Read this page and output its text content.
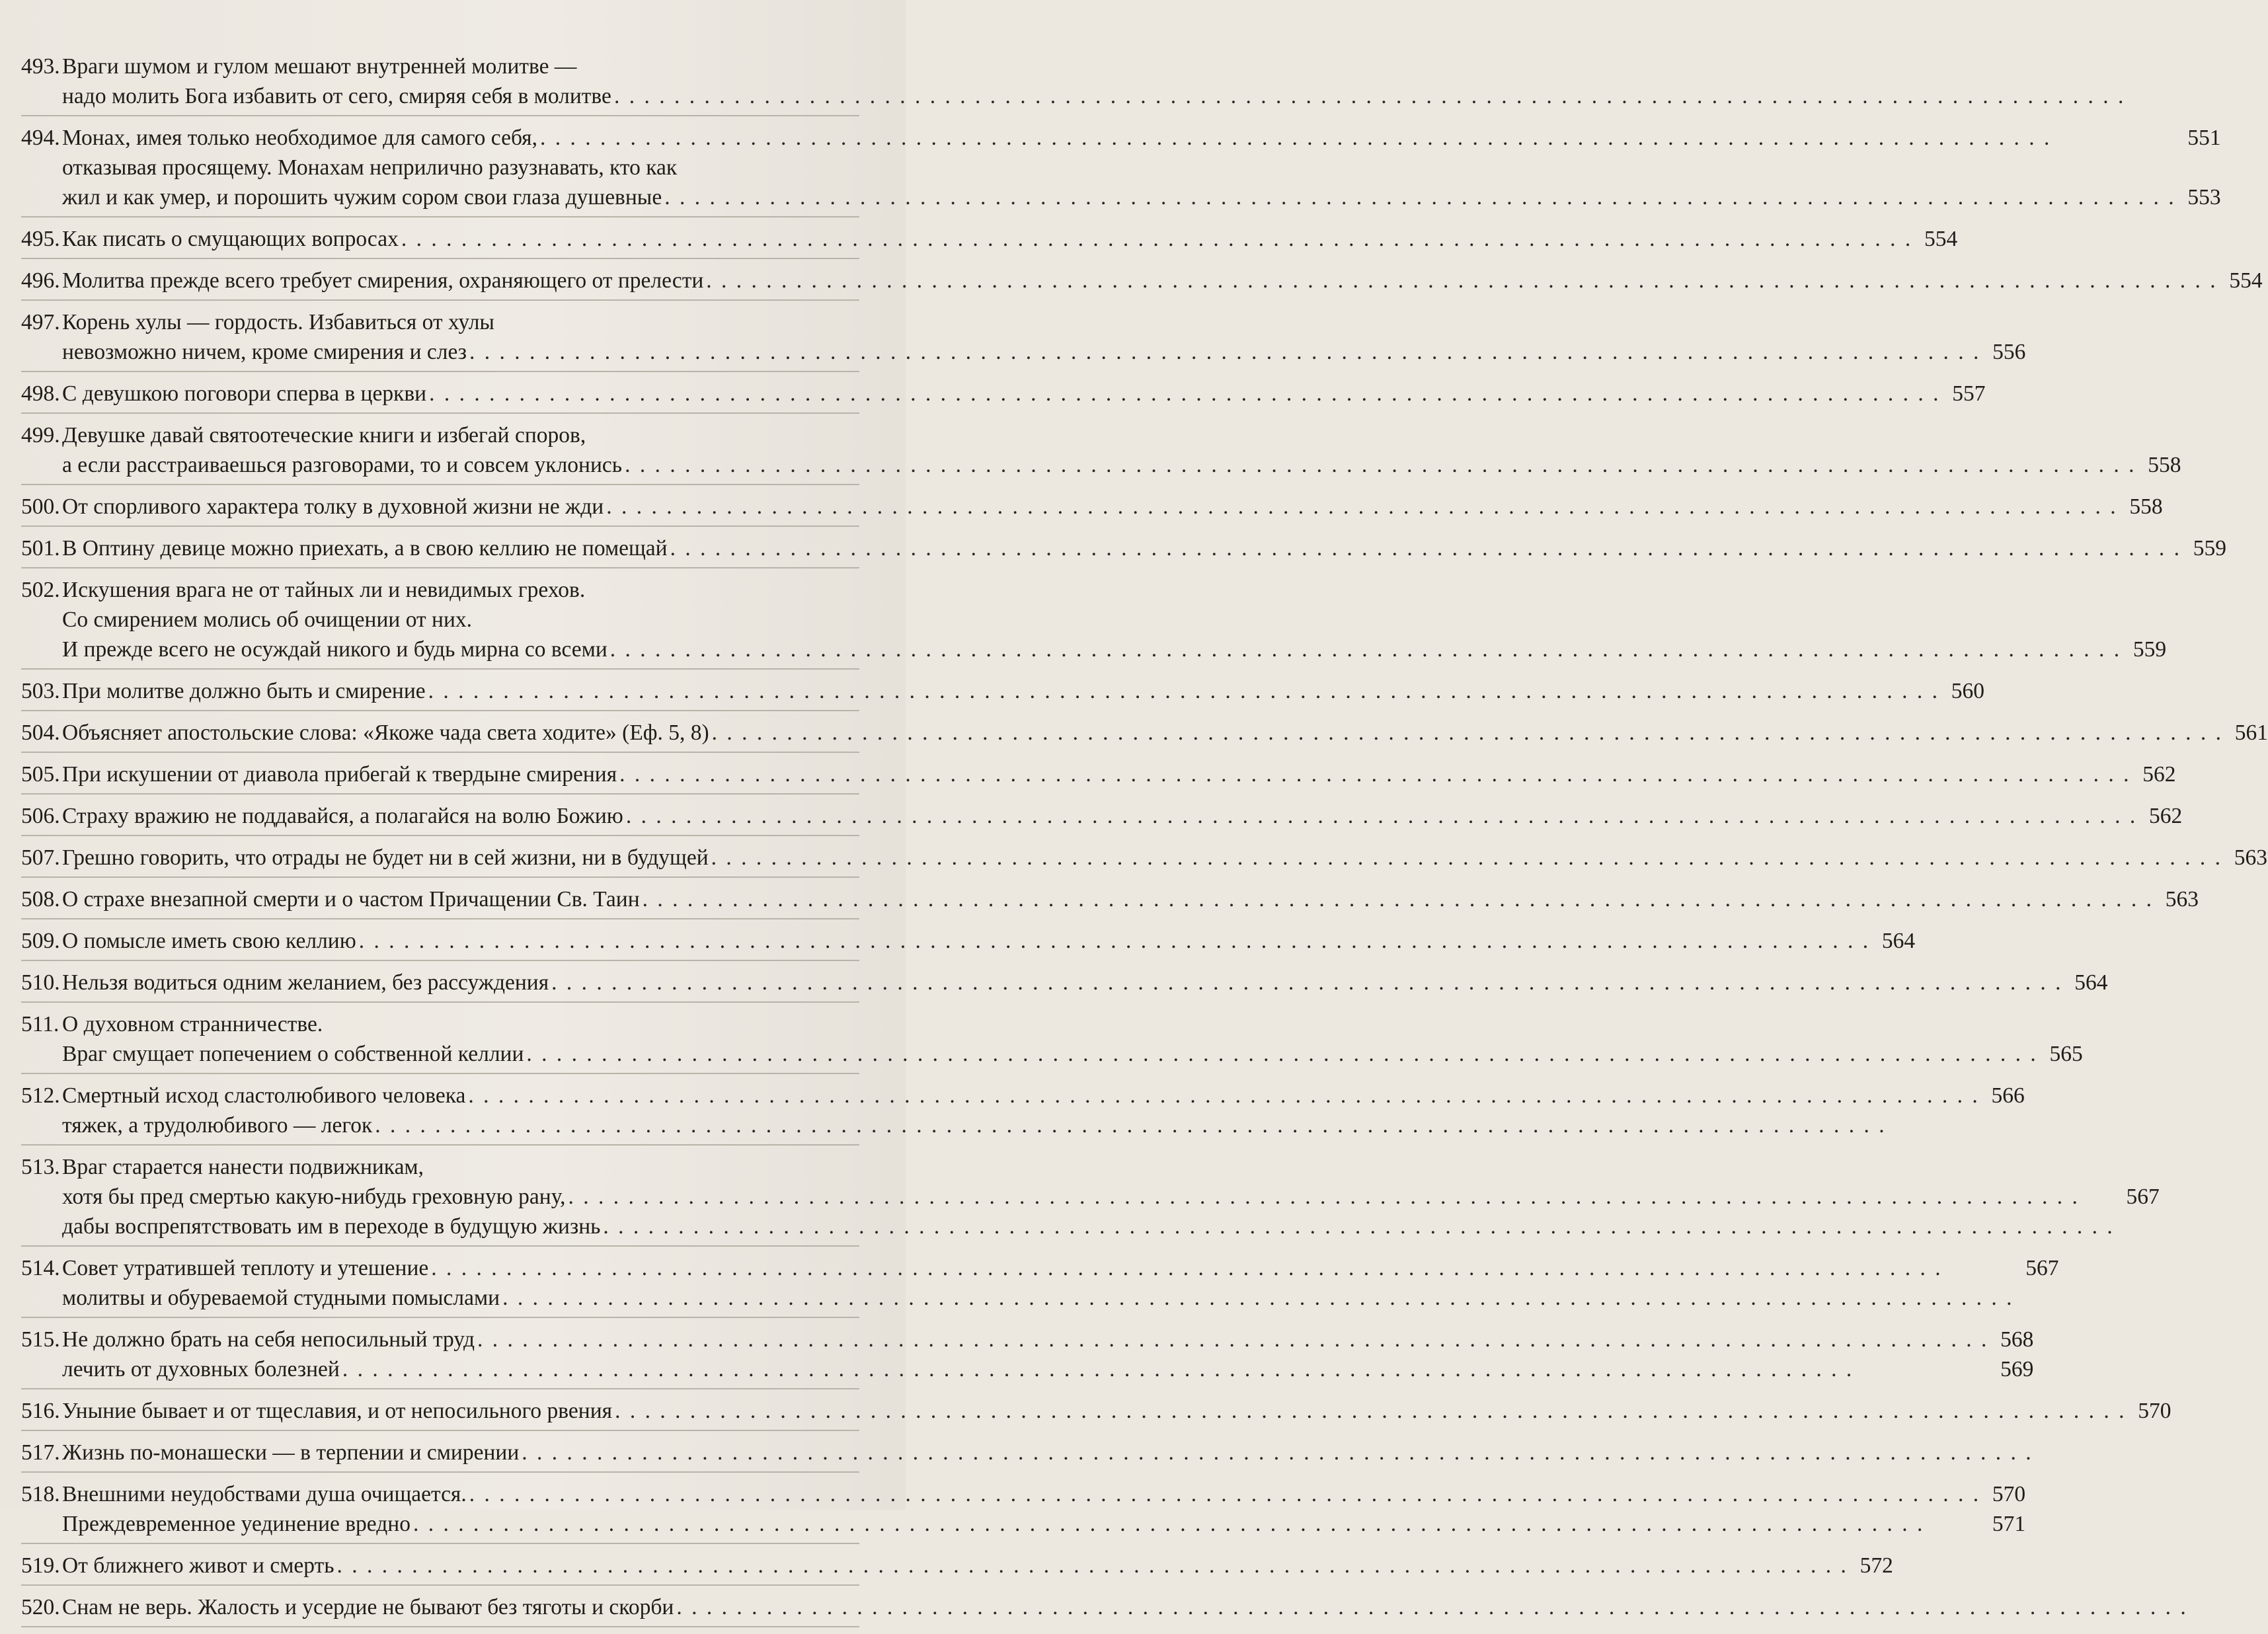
493. Враги шумом и гулом мешают внутренней молитве —
надо молить Бога избавить от сего, смиряя себя в молитве
. . .
494. Монах, имея только необходимое для самого себя, . . .	551
отказывая просящему. Монахам неприлично разузнавать, кто как
жил и как умер, и порошить чужим сором свои глаза душевные . . .	553
495. Как писать о смущающих вопросах . . .	554
496. Молитва прежде всего требует смирения, охраняющего от прелести . . .	554
497. Корень хулы — гордость. Избавиться от хулы
невозможно ничем, кроме смирения и слез . . .	556
498. С девушкою поговори сперва в церкви . . .	557
499. Девушке давай святоотеческие книги и избегай споров,
а если расстраиваешься разговорами, то и совсем уклонись . . .	558
500. От спорливого характера толку в духовной жизни не жди . . .	558
501. В Оптину девице можно приехать, а в свою келлию не помещай . . .	559
502. Искушения врага не от тайных ли и невидимых грехов.
Со смирением молись об очищении от них.
И прежде всего не осуждай никого и будь мирна со всеми . . .	559
503. При молитве должно быть и смирение . . .	560
504. Объясняет апостольские слова: «Якоже чада света ходите» (Еф. 5, 8) . . .	561
505. При искушении от диавола прибегай к твердыне смирения . . .	562
506. Страху вражию не поддавайся, а полагайся на волю Божию . . .	562
507. Грешно говорить, что отрады не будет ни в сей жизни, ни в будущей . . .	563
508. О страхе внезапной смерти и о частом Причащении Св. Таин . . .	563
509. О помысле иметь свою келлию . . .	564
510. Нельзя водиться одним желанием, без рассуждения . . .	564
511. О духовном странничестве.
Враг смущает попечением о собственной келлии . . .	565
512. Смертный исход сластолюбивого человека . . .	566
тяжек, а трудолюбивого — легок
. . .
513. Враг старается нанести подвижникам,
хотя бы пред смертью какую-нибудь греховную рану, . . .	567
дабы воспрепятствовать им в переходе в будущую жизнь
. . .
514. Совет утратившей теплоту и утешение . . .	567
молитвы и обуреваемой студными помыслами
. . .
515. Не должно брать на себя непосильный труд . . .	568
лечить от духовных болезней . . .	569
516. Уныние бывает и от тщеславия, и от непосильного рвения . . .	570
517. Жизнь по-монашески — в терпении и смирении
. . .
518. Внешними неудобствами душа очищается. . . .	570
Преждевременное уединение вредно . . .	571
519. От ближнего живот и смерть . . .	572
520. Снам не верь. Жалость и усердие не бывают без тяготы и скорби
. . .
